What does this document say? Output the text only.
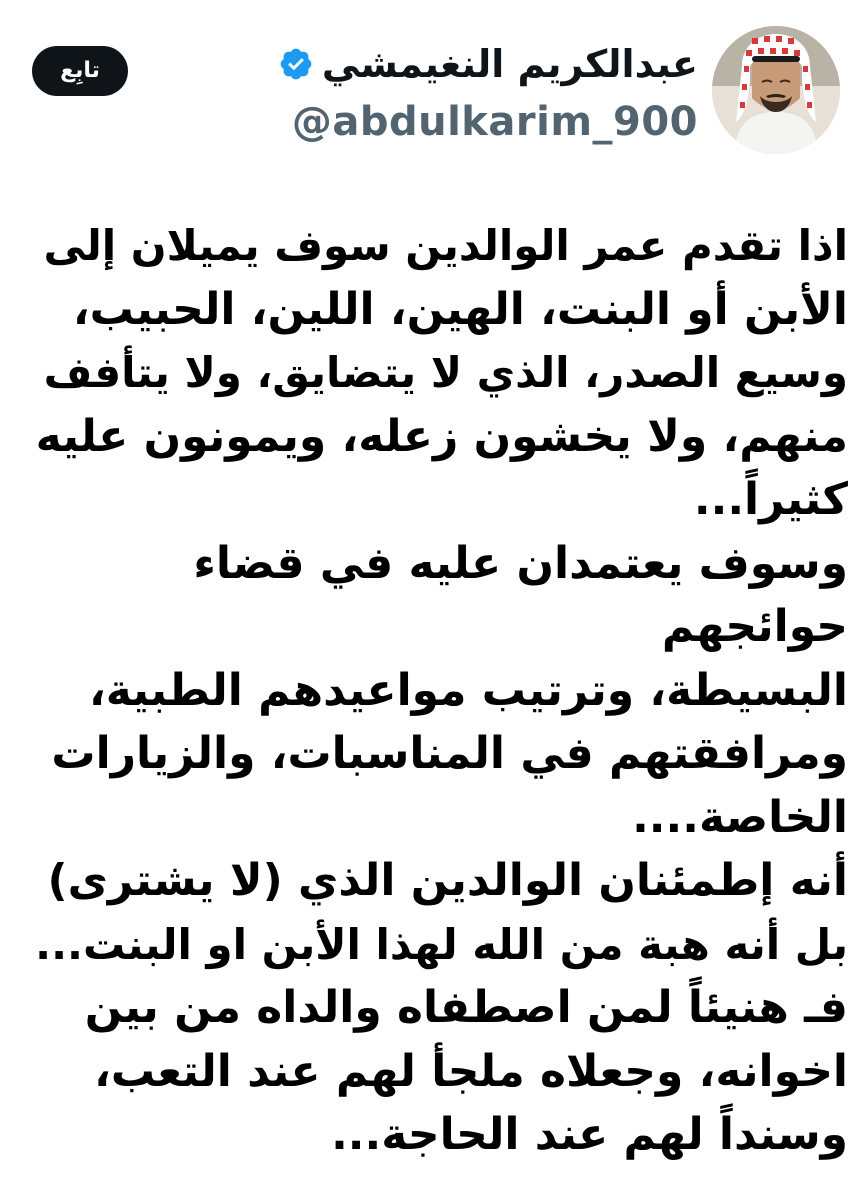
عبدالكريم النغيمشي
@abdulkarim_900
تابِع
اذا تقدم عمر الوالدين سوف يميلان إلى
الأبن أو البنت، الهين، اللين، الحبيب،
وسيع الصدر، الذي لا يتضايق، ولا يتأفف
منهم، ولا يخشون زعله، ويمونون عليه
كثيراً...
وسوف يعتمدان عليه في قضاء
حوائجهم
البسيطة، وترتيب مواعيدهم الطبية،
ومرافقتهم في المناسبات، والزيارات
الخاصة....
أنه إطمئنان الوالدين الذي (لا يشترى)
بل أنه هبة من الله لهذا الأبن او البنت...
فـ هنيئاً لمن اصطفاه والداه من بين
اخوانه، وجعلاه ملجأ لهم عند التعب،
وسنداً لهم عند الحاجة...
